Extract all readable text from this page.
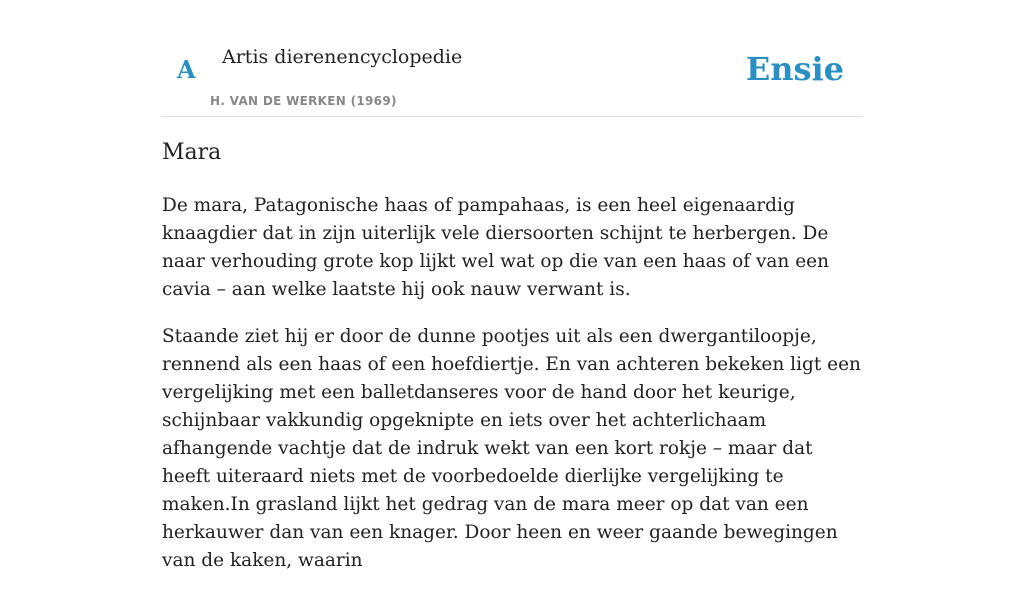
A Artis dierenencyclopedie
H. VAN DE WERKEN (1969)
Ensie
Mara

De mara, Patagonische haas of pampahaas, is een heel eigenaardig knaagdier dat in zijn uiterlijk vele diersoorten schijnt te herbergen. De naar verhouding grote kop lijkt wel wat op die van een haas of van een cavia – aan welke laatste hij ook nauw verwant is.

Staande ziet hij er door de dunne pootjes uit als een dwergantiloopje, rennend als een haas of een hoefdiertje. En van achteren bekeken ligt een vergelijking met een balletdanseres voor de hand door het keurige, schijnbaar vakkundig opgeknipte en iets over het achterlichaam afhangende vachtje dat de indruk wekt van een kort rokje – maar dat heeft uiteraard niets met de voorbedoelde dierlijke vergelijking te maken.In grasland lijkt het gedrag van de mara meer op dat van een herkauwer dan van een knager. Door heen en weer gaande bewegingen van de kaken, waarin
